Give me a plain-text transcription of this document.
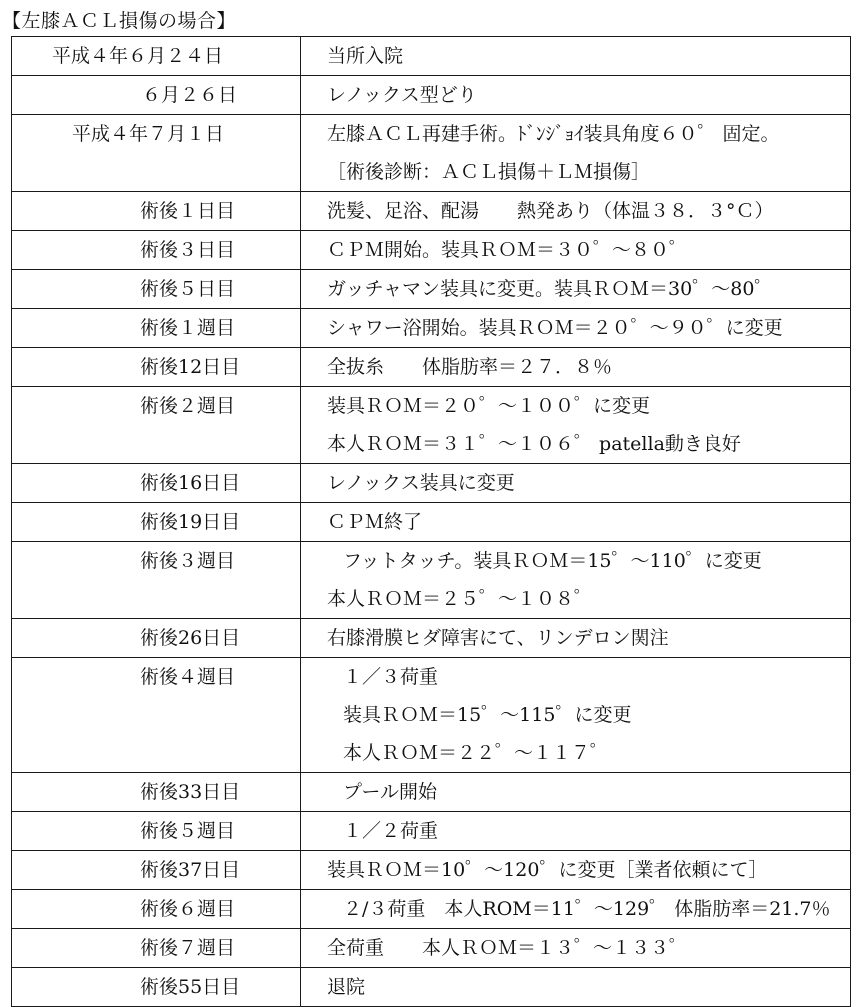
【左膝ＡＣＬ損傷の場合】
平成４年６月２４日	当所入院

６月２６日	レノックス型どり

平成４年７月１日	左膝ＡＣＬ再建手術。ﾄﾞﾝｼﾞｮｲ装具角度６０゜ 固定。
［術後診断：ＡＣＬ損傷＋ＬＭ損傷］

術後１日目	洗髪、足浴、配湯　　熱発あり（体温３８．３°Ｃ）

術後３日目	ＣＰＭ開始。装具ＲＯＭ＝３０゜～８０゜

術後５日目	ガッチャマン装具に変更。装具ＲＯＭ＝30゜～80゜

術後１週目	シャワー浴開始。装具ＲＯＭ＝２０゜～９０゜に変更

術後12日目	全抜糸　　体脂肪率＝２７．８％

術後２週目	装具ＲＯＭ＝２０゜～１００゜に変更
本人ＲＯＭ＝３１゜～１０６゜ patella動き良好

術後16日目	レノックス装具に変更

術後19日目	ＣＰＭ終了

術後３週目	フットタッチ。装具ＲＯＭ＝15゜～110゜に変更
本人ＲＯＭ＝２５゜～１０８゜

術後26日目	右膝滑膜ヒダ障害にて、リンデロン関注

術後４週目	１／３荷重
装具ＲＯＭ＝15゜～115゜に変更
本人ＲＯＭ＝２２゜～１１７゜

術後33日目	プール開始

術後５週目	１／２荷重

術後37日目	装具ＲＯＭ＝10゜～120゜に変更［業者依頼にて］

術後６週目	２/３荷重　本人ROM＝11゜～129゜ 体脂肪率＝21.7％

術後７週目	全荷重　　本人ＲＯＭ＝１３゜～１３３゜

術後55日目	退院
